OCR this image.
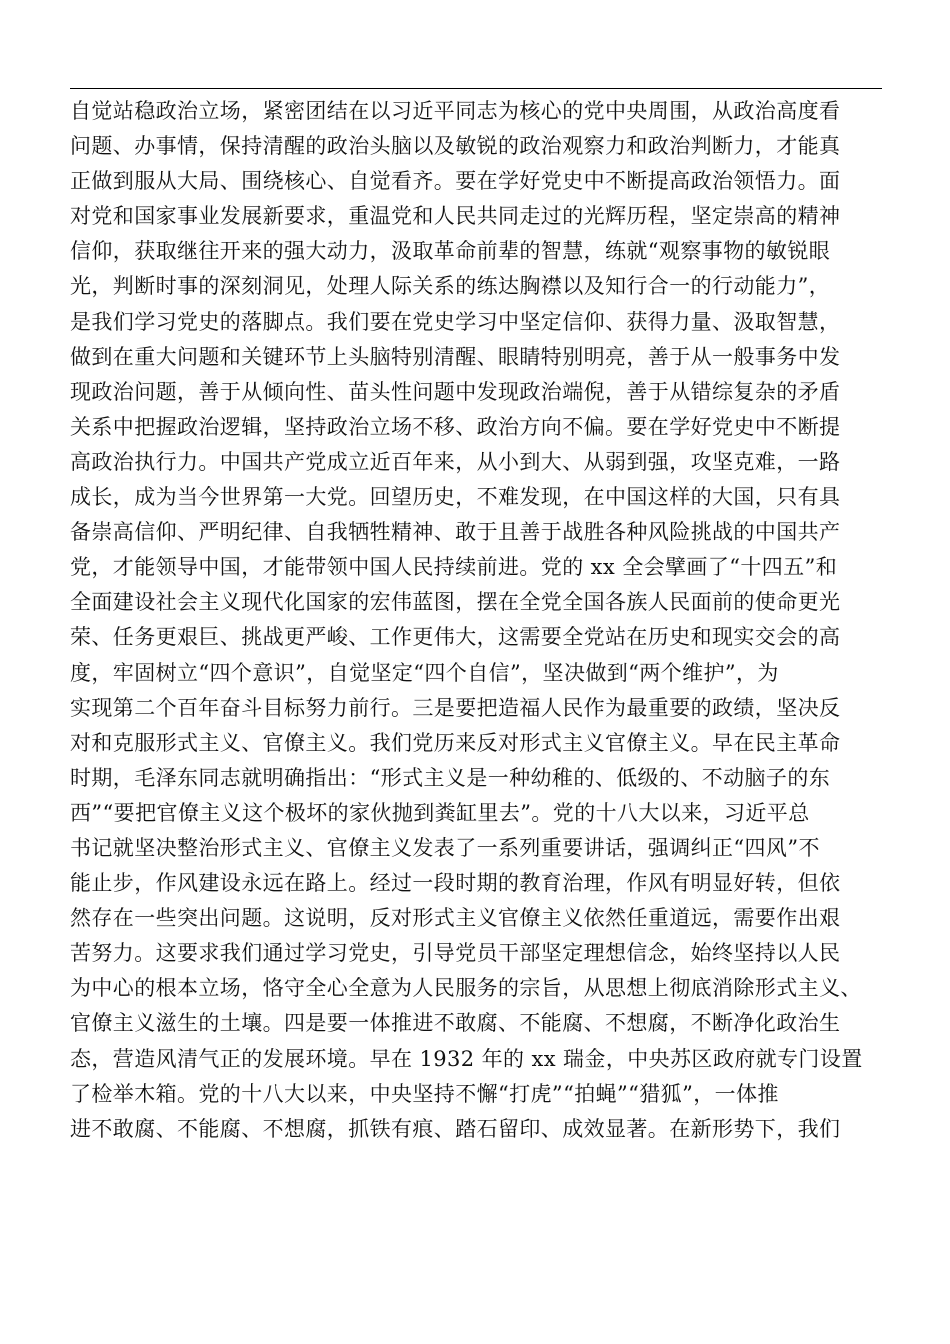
自觉站稳政治立场，紧密团结在以习近平同志为核心的党中央周围，从政治高度看
问题、办事情，保持清醒的政治头脑以及敏锐的政治观察力和政治判断力，才能真
正做到服从大局、围绕核心、自觉看齐。要在学好党史中不断提高政治领悟力。面
对党和国家事业发展新要求，重温党和人民共同走过的光辉历程，坚定崇高的精神
信仰，获取继往开来的强大动力，汲取革命前辈的智慧，练就“观察事物的敏锐眼
光，判断时事的深刻洞见，处理人际关系的练达胸襟以及知行合一的行动能力”，
是我们学习党史的落脚点。我们要在党史学习中坚定信仰、获得力量、汲取智慧，
做到在重大问题和关键环节上头脑特别清醒、眼睛特别明亮，善于从一般事务中发
现政治问题，善于从倾向性、苗头性问题中发现政治端倪，善于从错综复杂的矛盾
关系中把握政治逻辑，坚持政治立场不移、政治方向不偏。要在学好党史中不断提
高政治执行力。中国共产党成立近百年来，从小到大、从弱到强，攻坚克难，一路
成长，成为当今世界第一大党。回望历史，不难发现，在中国这样的大国，只有具
备崇高信仰、严明纪律、自我牺牲精神、敢于且善于战胜各种风险挑战的中国共产
党，才能领导中国，才能带领中国人民持续前进。党的 xx 全会擘画了“十四五”和
全面建设社会主义现代化国家的宏伟蓝图，摆在全党全国各族人民面前的使命更光
荣、任务更艰巨、挑战更严峻、工作更伟大，这需要全党站在历史和现实交会的高
度，牢固树立“四个意识”，自觉坚定“四个自信”，坚决做到“两个维护”，为
实现第二个百年奋斗目标努力前行。三是要把造福人民作为最重要的政绩，坚决反
对和克服形式主义、官僚主义。我们党历来反对形式主义官僚主义。早在民主革命
时期，毛泽东同志就明确指出：“形式主义是一种幼稚的、低级的、不动脑子的东
西”“要把官僚主义这个极坏的家伙抛到粪缸里去”。党的十八大以来，习近平总
书记就坚决整治形式主义、官僚主义发表了一系列重要讲话，强调纠正“四风”不
能止步，作风建设永远在路上。经过一段时期的教育治理，作风有明显好转，但依
然存在一些突出问题。这说明，反对形式主义官僚主义依然任重道远，需要作出艰
苦努力。这要求我们通过学习党史，引导党员干部坚定理想信念，始终坚持以人民
为中心的根本立场，恪守全心全意为人民服务的宗旨，从思想上彻底消除形式主义、
官僚主义滋生的土壤。四是要一体推进不敢腐、不能腐、不想腐，不断净化政治生
态，营造风清气正的发展环境。早在 1932 年的 xx 瑞金，中央苏区政府就专门设置
了检举木箱。党的十八大以来，中央坚持不懈“打虎”“拍蝇”“猎狐”，一体推
进不敢腐、不能腐、不想腐，抓铁有痕、踏石留印、成效显著。在新形势下，我们
